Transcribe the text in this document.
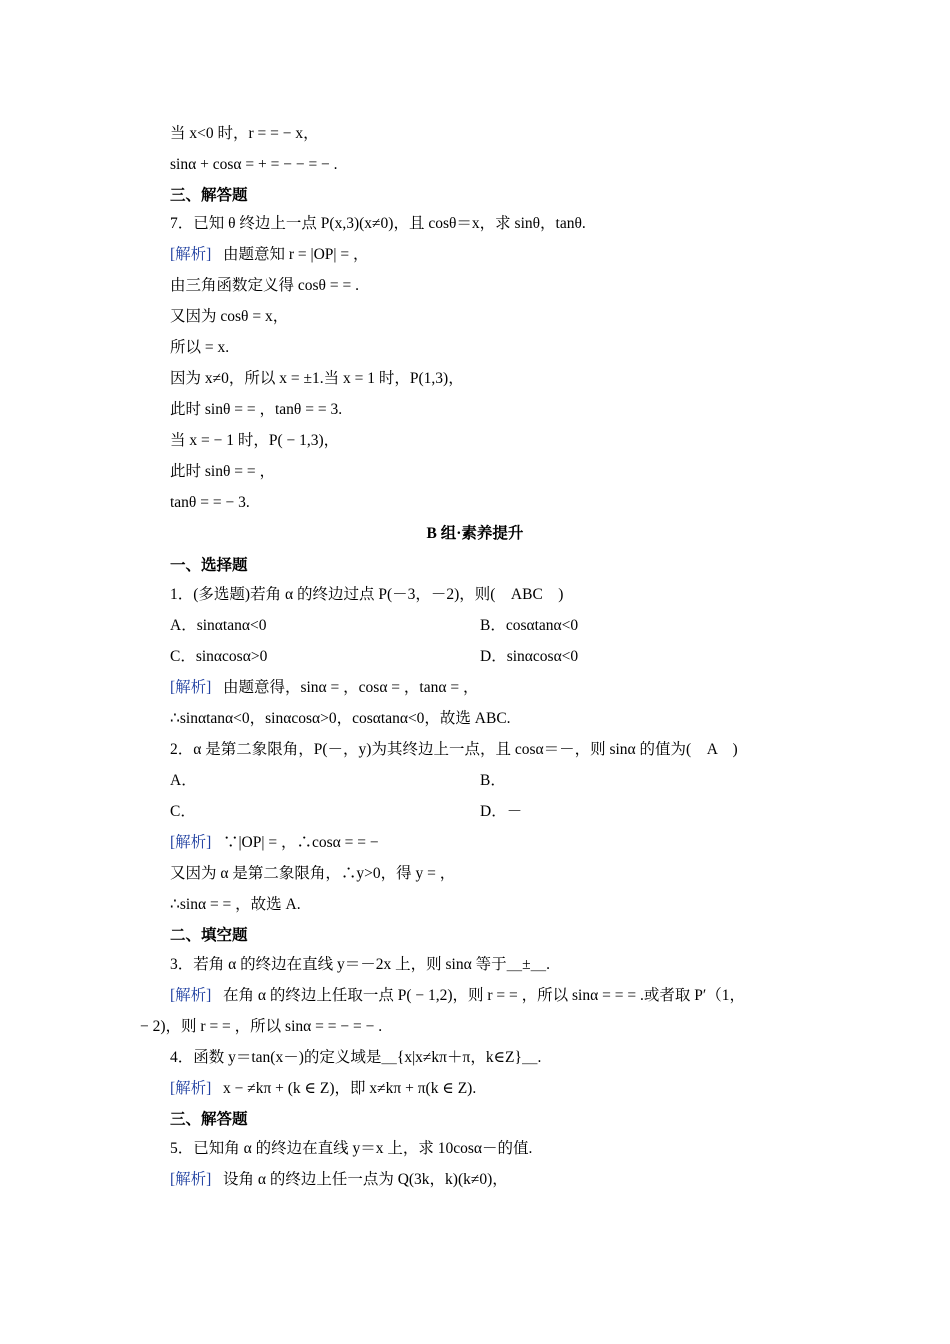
当 x<0 时，r = = − x，
sinα + cosα = + = − − = − .
三、解答题
7．已知 θ 终边上一点 P(x,3)(x≠0)，且 cosθ＝x，求 sinθ，tanθ.
[解析] 由题意知 r = |OP| = ，
由三角函数定义得 cosθ = = .
又因为 cosθ = x，
所以 = x.
因为 x≠0，所以 x = ±1.当 x = 1 时，P(1,3)，
此时 sinθ = = ，tanθ = = 3.
当 x = − 1 时，P( − 1,3)，
此时 sinθ = = ，
tanθ = = − 3.
B 组·素养提升
一、选择题
1．(多选题)若角 α 的终边过点 P(－3，－2)，则(　ABC　)
A．sinαtanα<0	B．cosαtanα<0
C．sinαcosα>0	D．sinαcosα<0
[解析] 由题意得，sinα = ，cosα = ，tanα = ，
∴sinαtanα<0，sinαcosα>0，cosαtanα<0，故选 ABC.
2．α 是第二象限角，P(－，y)为其终边上一点，且 cosα＝－，则 sinα 的值为(　A　)
A．	B．
C．	D．－
[解析] ∵|OP| = ，∴cosα = = −
又因为 α 是第二象限角，∴y>0，得 y = ，
∴sinα = = ，故选 A.
二、填空题
3．若角 α 的终边在直线 y＝－2x 上，则 sinα 等于＿±＿.
[解析] 在角 α 的终边上任取一点 P( − 1,2)，则 r = = ，所以 sinα = = = .或者取 P′（1，
− 2)，则 r = = ，所以 sinα = = − = − .
4．函数 y＝tan(x－)的定义域是＿{x|x≠kπ＋π，k∈Z}＿.
[解析] x − ≠kπ + (k ∈ Z)，即 x≠kπ + π(k ∈ Z).
三、解答题
5．已知角 α 的终边在直线 y＝x 上，求 10cosα－的值.
[解析] 设角 α 的终边上任一点为 Q(3k，k)(k≠0)，
